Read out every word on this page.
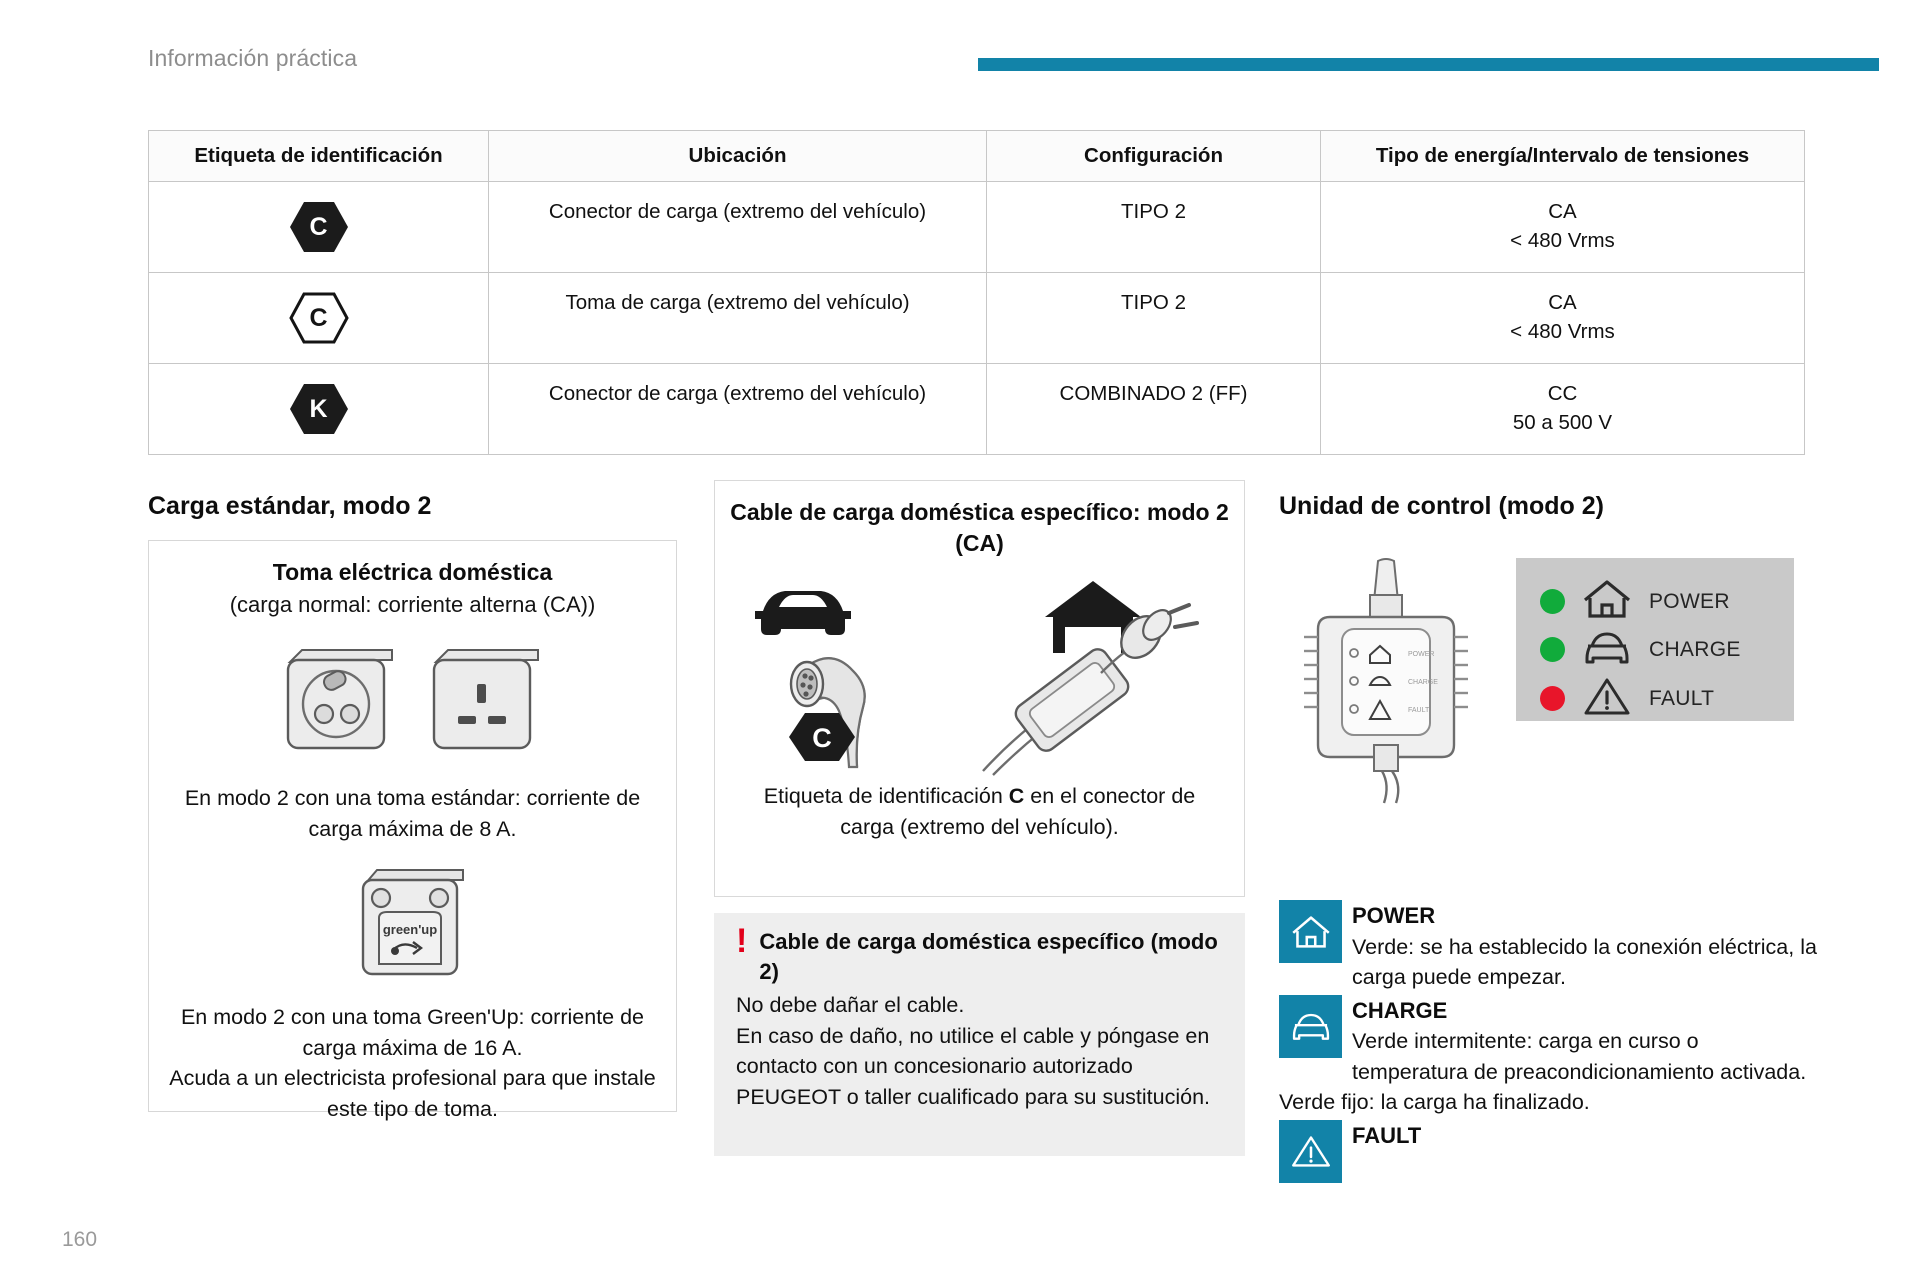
Información práctica
Etiqueta de identificación	Ubicación	Configuración	Tipo de energía/Intervalo de tensiones

C	Conector de carga (extremo del vehículo)	TIPO 2	CA
< 480 Vrms

C	Toma de carga (extremo del vehículo)	TIPO 2	CA
< 480 Vrms

K	Conector de carga (extremo del vehículo)	COMBINADO 2 (FF)	CC
50 a 500 V
Carga estándar, modo 2
Toma eléctrica doméstica
(carga normal: corriente alterna (CA))
En modo 2 con una toma estándar: corriente de carga máxima de 8 A.
green'up
En modo 2 con una toma Green'Up: corriente de carga máxima de 16 A.
Acuda a un electricista profesional para que instale este tipo de toma.
Cable de carga doméstica específico: modo 2 (CA)
C
Etiqueta de identificación C en el conector de carga (extremo del vehículo).
! Cable de carga doméstica específico (modo 2)

No debe dañar el cable.

En caso de daño, no utilice el cable y póngase en contacto con un concesionario autorizado PEUGEOT o taller cualificado para su sustitución.

Unidad de control (modo 2)
POWER
CHARGE
FAULT
POWER
CHARGE
FAULT
POWER
Verde: se ha establecido la conexión eléctrica, la carga puede empezar.
CHARGE
Verde intermitente: carga en curso o temperatura de preacondicionamiento activada. Verde fijo: la carga ha finalizado.
FAULT
160
